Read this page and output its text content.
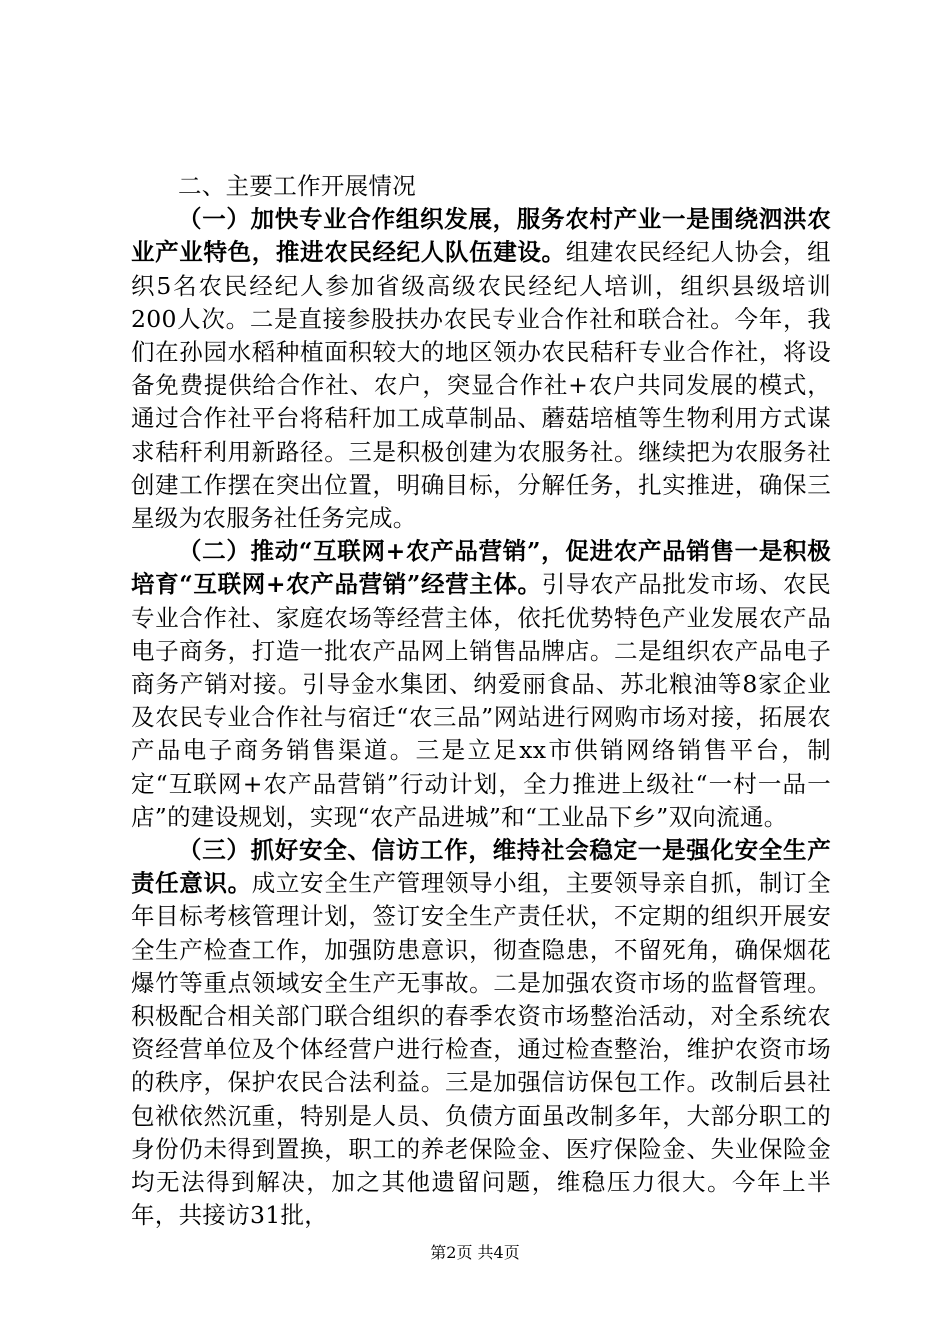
二、主要工作开展情况

（一）加快专业合作组织发展，服务农村产业一是围绕泗洪农业产业特色，推进农民经纪人队伍建设。组建农民经纪人协会，组织5名农民经纪人参加省级高级农民经纪人培训，组织县级培训200人次。二是直接参股扶办农民专业合作社和联合社。今年，我们在孙园水稻种植面积较大的地区领办农民秸秆专业合作社，将设备免费提供给合作社、农户，突显合作社+农户共同发展的模式，通过合作社平台将秸秆加工成草制品、蘑菇培植等生物利用方式谋求秸秆利用新路径。三是积极创建为农服务社。继续把为农服务社创建工作摆在突出位置，明确目标，分解任务，扎实推进，确保三星级为农服务社任务完成。

（二）推动“互联网+农产品营销”，促进农产品销售一是积极培育“互联网+农产品营销”经营主体。引导农产品批发市场、农民专业合作社、家庭农场等经营主体，依托优势特色产业发展农产品电子商务，打造一批农产品网上销售品牌店。二是组织农产品电子商务产销对接。引导金水集团、纳爱丽食品、苏北粮油等8家企业及农民专业合作社与宿迁“农三品”网站进行网购市场对接，拓展农产品电子商务销售渠道。三是立足xx市供销网络销售平台，制定“互联网+农产品营销”行动计划，全力推进上级社“一村一品一店”的建设规划，实现“农产品进城”和“工业品下乡”双向流通。

（三）抓好安全、信访工作，维持社会稳定一是强化安全生产责任意识。成立安全生产管理领导小组，主要领导亲自抓，制订全年目标考核管理计划，签订安全生产责任状，不定期的组织开展安全生产检查工作，加强防患意识，彻查隐患，不留死角，确保烟花爆竹等重点领域安全生产无事故。二是加强农资市场的监督管理。积极配合相关部门联合组织的春季农资市场整治活动，对全系统农资经营单位及个体经营户进行检查，通过检查整治，维护农资市场的秩序，保护农民合法利益。三是加强信访保包工作。改制后县社包袱依然沉重，特别是人员、负债方面虽改制多年，大部分职工的身份仍未得到置换，职工的养老保险金、医疗保险金、失业保险金均无法得到解决，加之其他遗留问题，维稳压力很大。今年上半年，共接访31批，

第2页 共4页
